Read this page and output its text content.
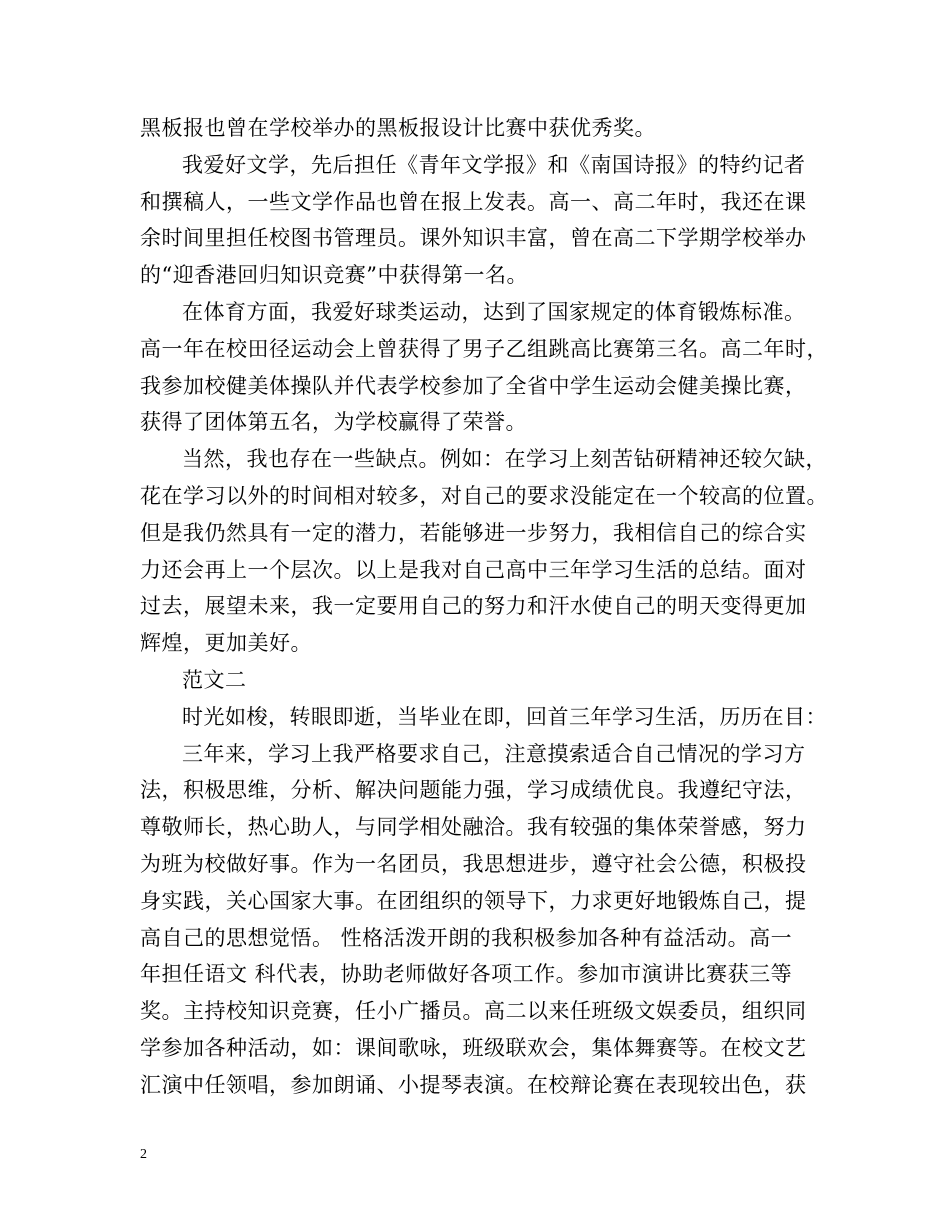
黑板报也曾在学校举办的黑板报设计比赛中获优秀奖。
我爱好文学，先后担任《青年文学报》和《南国诗报》的特约记者
和撰稿人，一些文学作品也曾在报上发表。高一、高二年时，我还在课
余时间里担任校图书管理员。课外知识丰富，曾在高二下学期学校举办
的“迎香港回归知识竞赛”中获得第一名。
在体育方面，我爱好球类运动，达到了国家规定的体育锻炼标准。
高一年在校田径运动会上曾获得了男子乙组跳高比赛第三名。高二年时，
我参加校健美体操队并代表学校参加了全省中学生运动会健美操比赛，
获得了团体第五名，为学校赢得了荣誉。
当然，我也存在一些缺点。例如：在学习上刻苦钻研精神还较欠缺，
花在学习以外的时间相对较多，对自己的要求没能定在一个较高的位置。
但是我仍然具有一定的潜力，若能够进一步努力，我相信自己的综合实
力还会再上一个层次。以上是我对自己高中三年学习生活的总结。面对
过去，展望未来，我一定要用自己的努力和汗水使自己的明天变得更加
辉煌，更加美好。
范文二
时光如梭，转眼即逝，当毕业在即，回首三年学习生活，历历在目：
三年来，学习上我严格要求自己，注意摸索适合自己情况的学习方
法，积极思维，分析、解决问题能力强，学习成绩优良。我遵纪守法，
尊敬师长，热心助人，与同学相处融洽。我有较强的集体荣誉感，努力
为班为校做好事。作为一名团员，我思想进步，遵守社会公德，积极投
身实践，关心国家大事。在团组织的领导下，力求更好地锻炼自己，提
高自己的思想觉悟。 性格活泼开朗的我积极参加各种有益活动。高一
年担任语文 科代表，协助老师做好各项工作。参加市演讲比赛获三等
奖。主持校知识竞赛，任小广播员。高二以来任班级文娱委员，组织同
学参加各种活动，如：课间歌咏，班级联欢会，集体舞赛等。在校文艺
汇演中任领唱，参加朗诵、小提琴表演。在校辩论赛在表现较出色，获
2
